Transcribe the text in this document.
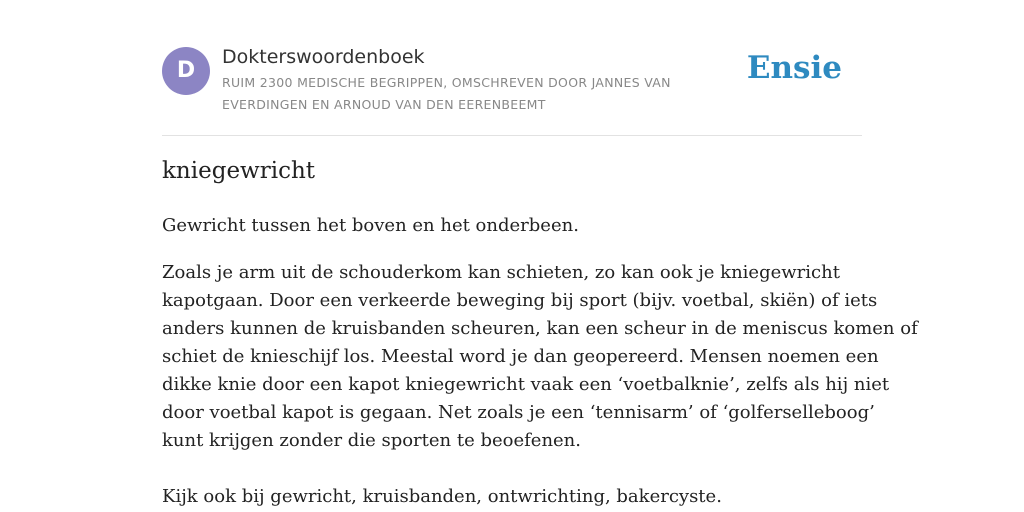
D
Dokterswoordenboek
RUIM 2300 MEDISCHE BEGRIPPEN, OMSCHREVEN DOOR JANNES VAN EVERDINGEN EN ARNOUD VAN DEN EERENBEEMT
Ensie
kniegewricht

Gewricht tussen het boven en het onderbeen.

Zoals je arm uit de schouderkom kan schieten, zo kan ook je kniegewricht
kapotgaan. Door een verkeerde beweging bij sport (bijv. voetbal, skiën) of iets
anders kunnen de kruisbanden scheuren, kan een scheur in de meniscus komen of
schiet de knieschijf los. Meestal word je dan geopereerd. Mensen noemen een
dikke knie door een kapot kniegewricht vaak een ‘voetbalknie’, zelfs als hij niet
door voetbal kapot is gegaan. Net zoals je een ‘tennisarm’ of ‘golferselleboog’
kunt krijgen zonder die sporten te beoefenen.

Kijk ook bij gewricht, kruisbanden, ontwrichting, bakercyste.
